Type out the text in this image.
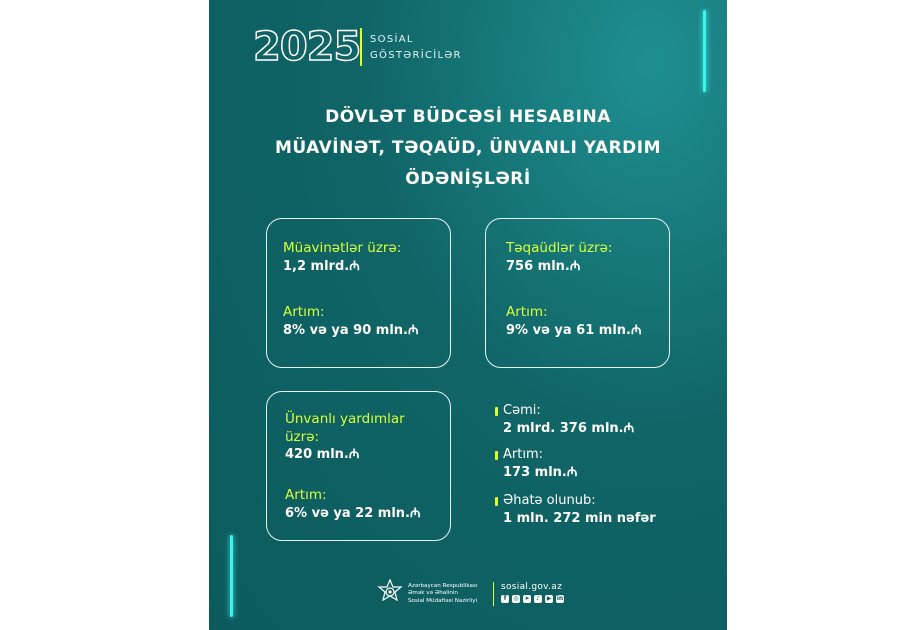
2025 SOSİAL
GÖSTƏRİCİLƏR
DÖVLƏT BÜDCƏSİ HESABINA
MÜAVİNƏT, TƏQAÜD, ÜNVANLI YARDIM
ÖDƏNİŞLƏRİ
Müavinətlər üzrə:
1,2 mlrd.₼
Artım:
8% və ya 90 mln.₼
Təqaüdlər üzrə:
756 mln.₼
Artım:
9% və ya 61 mln.₼
Ünvanlı yardımlar
üzrə:
420 mln.₼
Artım:
6% və ya 22 mln.₼
Cəmi:
2 mlrd. 376 mln.₼
Artım:
173 mln.₼
Əhatə olunub:
1 mln. 272 min nəfər
Azərbaycan Respublikası
Əmək və Əhalinin
Sosial Müdafiəsi Nazirliyi
sosial.gov.az
f	◎ ➤	♪	▶ in
